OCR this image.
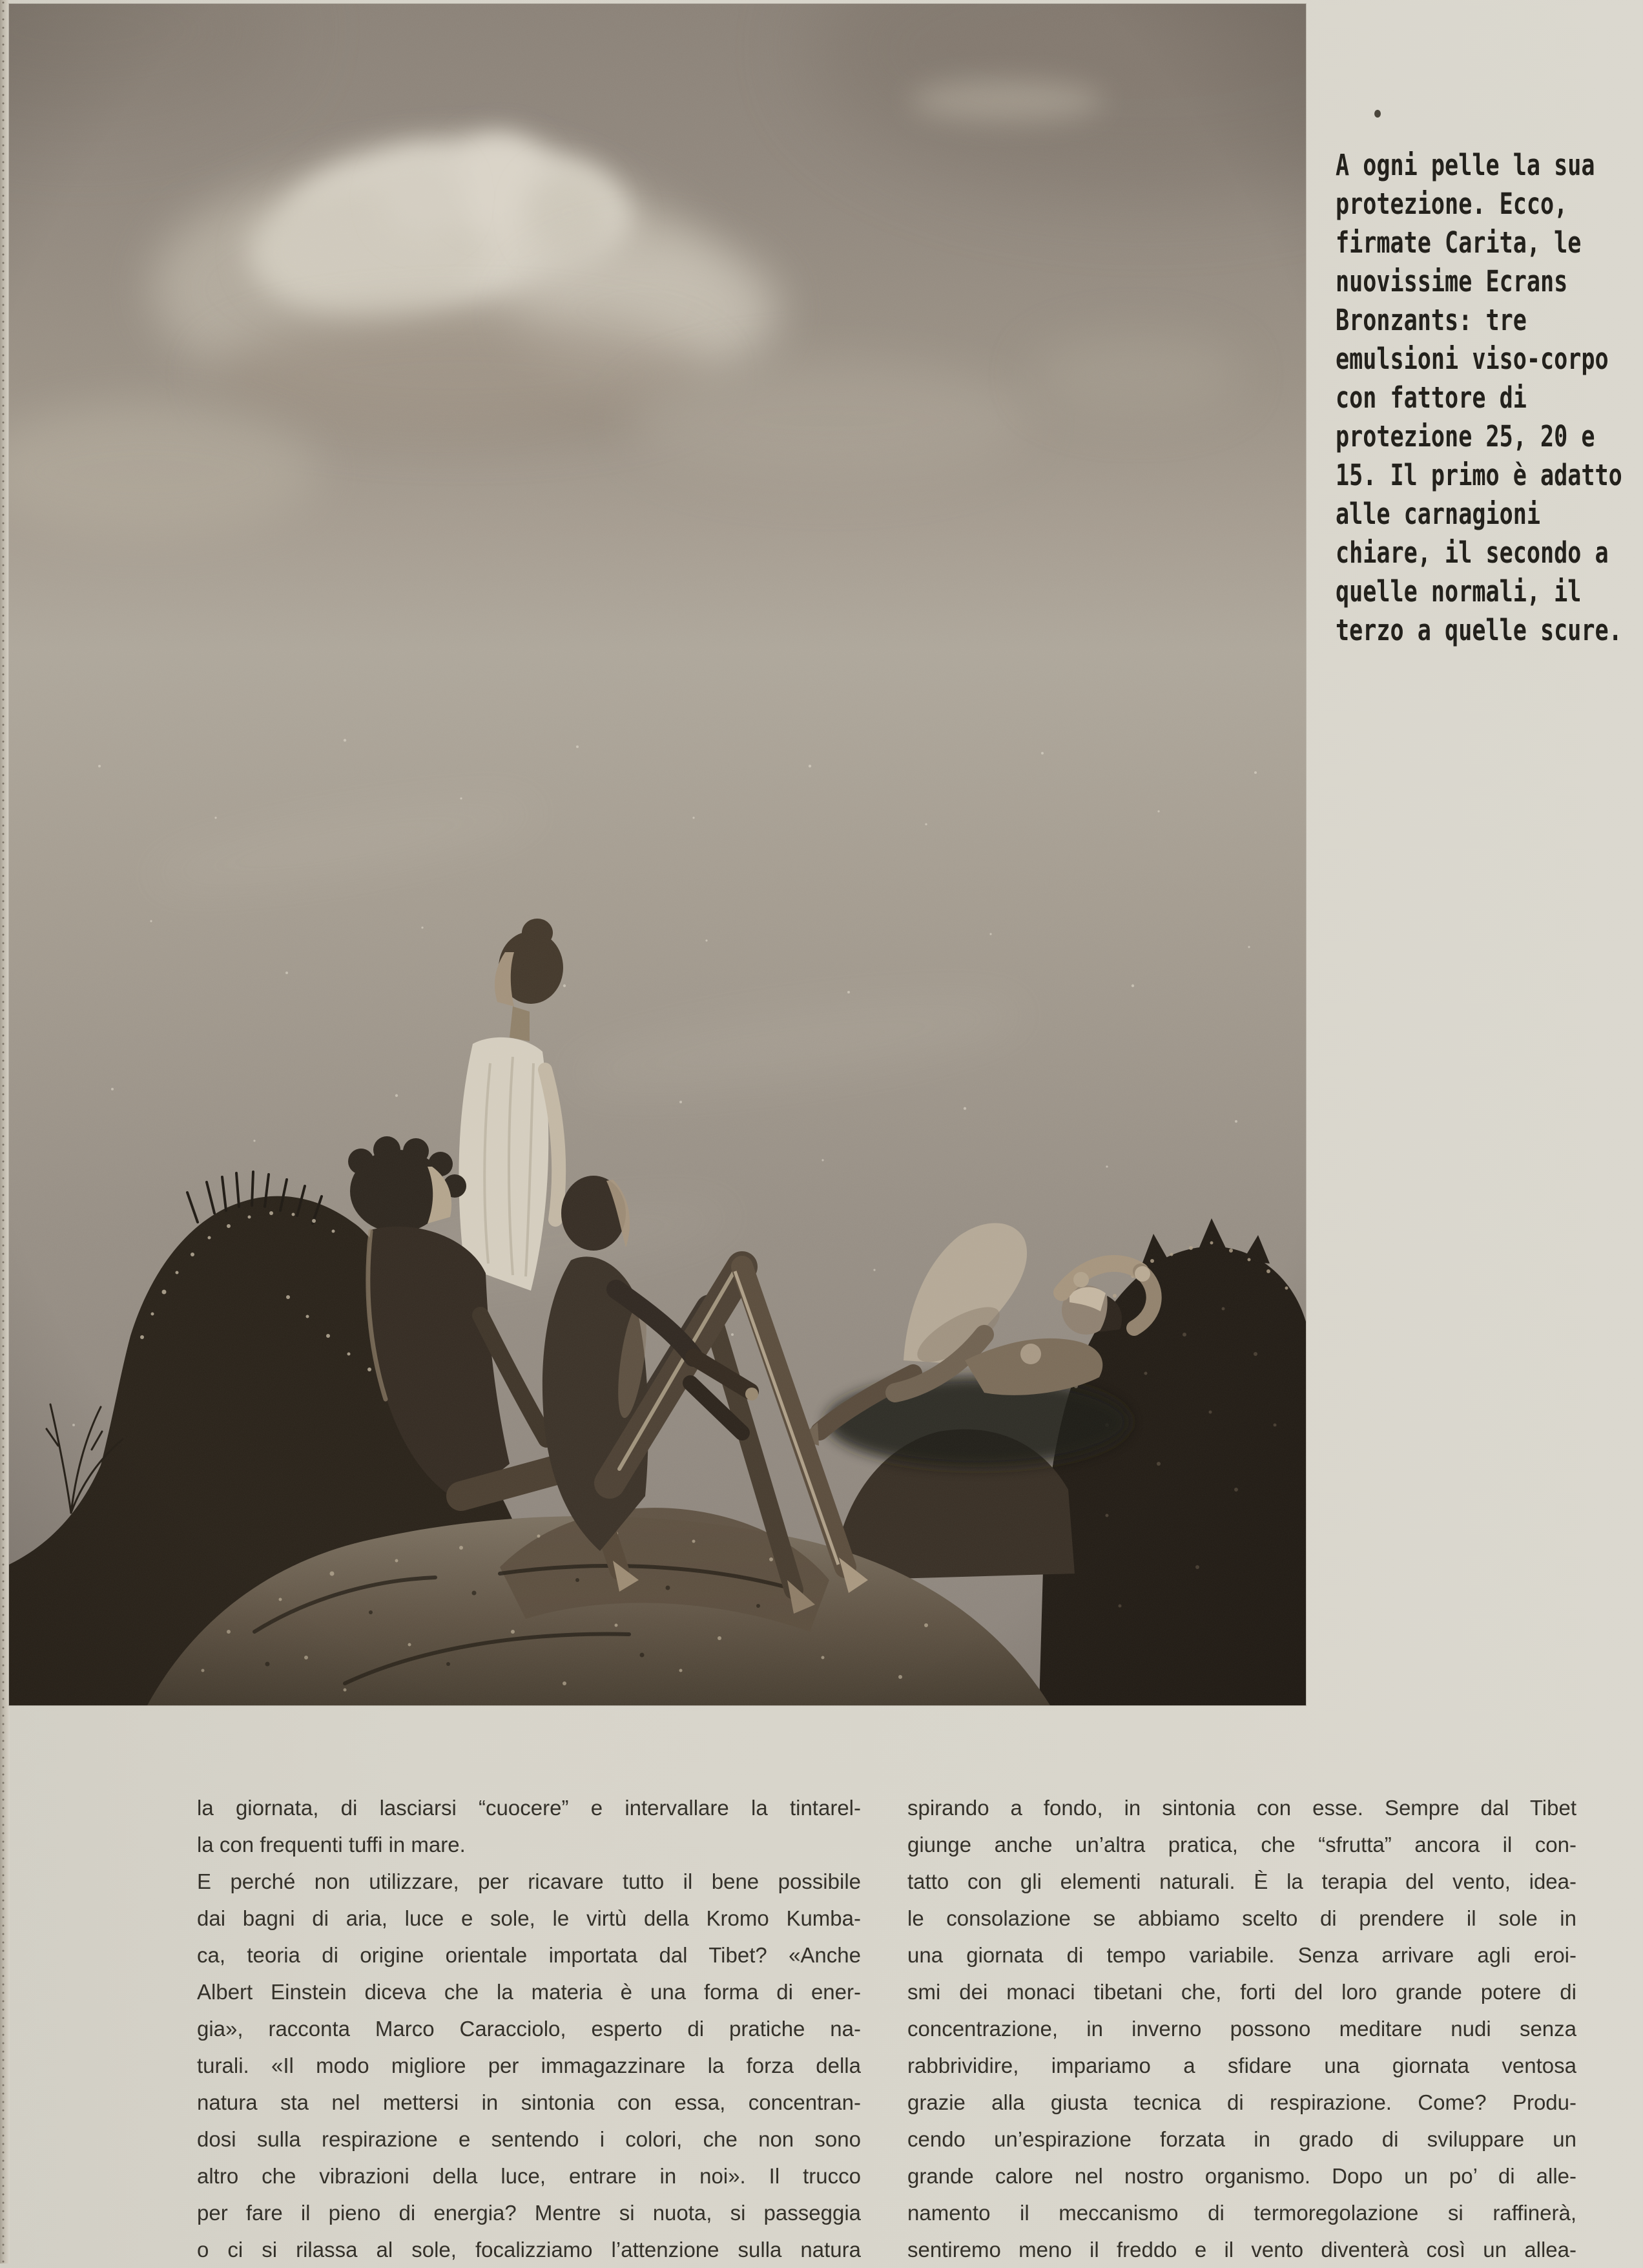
A ogni pelle la sua
protezione. Ecco,
firmate Carita, le
nuovissime Ecrans
Bronzants: tre
emulsioni viso-corpo
con fattore di
protezione 25, 20 e
15. Il primo è adatto
alle carnagioni
chiare, il secondo a
quelle normali, il
terzo a quelle scure.
la giornata, di lasciarsi “cuocere” e intervallare la tintarel-
la con frequenti tuffi in mare.
E perché non utilizzare, per ricavare tutto il bene possibile
dai bagni di aria, luce e sole, le virtù della Kromo Kumba-
ca, teoria di origine orientale importata dal Tibet? «Anche
Albert Einstein diceva che la materia è una forma di ener-
gia», racconta Marco Caracciolo, esperto di pratiche na-
turali. «Il modo migliore per immagazzinare la forza della
natura sta nel mettersi in sintonia con essa, concentran-
dosi sulla respirazione e sentendo i colori, che non sono
altro che vibrazioni della luce, entrare in noi». Il trucco
per fare il pieno di energia? Mentre si nuota, si passeggia
o ci si rilassa al sole, focalizziamo l’attenzione sulla natura
spirando a fondo, in sintonia con esse. Sempre dal Tibet
giunge anche un’altra pratica, che “sfrutta” ancora il con-
tatto con gli elementi naturali. È la terapia del vento, idea-
le consolazione se abbiamo scelto di prendere il sole in
una giornata di tempo variabile. Senza arrivare agli eroi-
smi dei monaci tibetani che, forti del loro grande potere di
concentrazione, in inverno possono meditare nudi senza
rabbrividire, impariamo a sfidare una giornata ventosa
grazie alla giusta tecnica di respirazione. Come? Produ-
cendo un’espirazione forzata in grado di sviluppare un
grande calore nel nostro organismo. Dopo un po’ di alle-
namento il meccanismo di termoregolazione si raffinerà,
sentiremo meno il freddo e il vento diventerà così un allea-
